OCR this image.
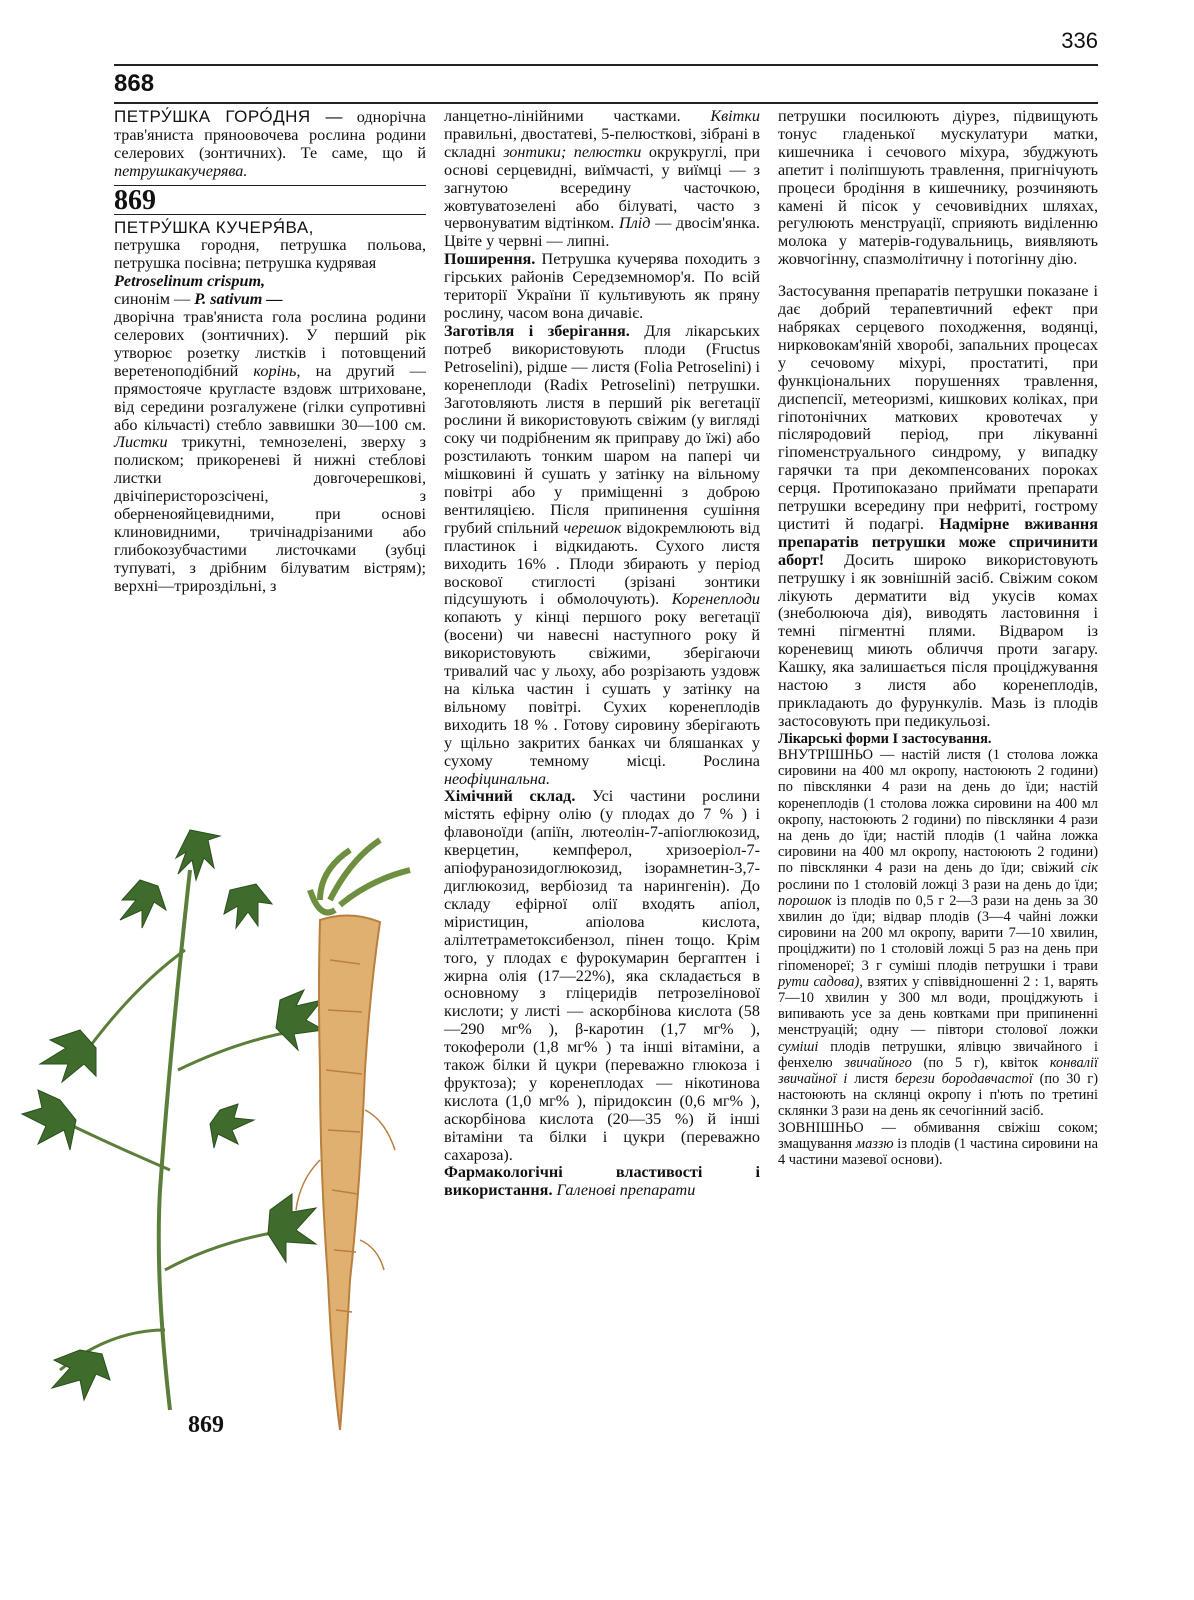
336
868

ПЕТРУ́ШКА ГОРО́ДНЯ — однорічна трав'яниста пряноовочева рослина родини селерових (зонтичних). Те саме, що й петрушкакучерява.

869

ПЕТРУ́ШКА КУЧЕРЯ́ВА,
петрушка городня, петрушка польова, петрушка посівна; петрушка кудрявая
Petroselinum crispum,
синонім — P. sativum —
дворічна трав'яниста гола рослина родини селерових (зонтичних). У перший рік утворює розетку листків і потовщений веретеноподібний корінь, на другий — прямостояче кругласте вздовж штриховане, від середини розгалужене (гілки супротивні або кільчасті) стебло заввишки 30—100 см. Листки трикутні, темнозелені, зверху з полиском; прикореневі й нижні стеблові листки довгочерешкові, двічіперисторозсічені, з оберненояйцевидними, при основі клиновидними, тричінадрізаними або глибокозубчастими листочками (зубці тупуваті, з дрібним білуватим вістрям); верхні—трироздільні, з

869

ланцетно-лінійними частками. Квітки правильні, двостатеві, 5-пелюсткові, зібрані в складні зонтики; пелюстки окрукруглі, при основі серцевидні, виїмчасті, у виїмці — з загнутою всередину часточкою, жовтуватозелені або білуваті, часто з червонуватим відтінком. Плід — двосім'янка. Цвіте у червні — липні.

Поширення. Петрушка кучерява походить з гірських районів Середземномор'я. По всій території України її культивують як пряну рослину, часом вона дичавіє.

Заготівля і зберігання. Для лікарських потреб використовують плоди (Fructus Petroselini), рідше — листя (Folia Petroselini) і коренеплоди (Radix Petroselini) петрушки. Заготовляють листя в перший рік вегетації рослини й використовують свіжим (у вигляді соку чи подрібненим як приправу до їжі) або розстилають тонким шаром на папері чи мішковині й сушать у затінку на вільному повітрі або у приміщенні з доброю вентиляцією. Після припинення сушіння грубий спільний черешок відокремлюють від пластинок і відкидають. Сухого листя виходить 16% . Плоди збирають у період воскової стиглості (зрізані зонтики підсушують і обмолочують). Коренеплоди копають у кінці першого року вегетації (восени) чи навесні наступного року й використовують свіжими, зберігаючи тривалий час у льоху, або розрізають уздовж на кілька частин і сушать у затінку на вільному повітрі. Сухих коренеплодів виходить 18 % . Готову сировину зберігають у щільно закритих банках чи бляшанках у сухому темному місці. Рослина неофіцинальна.

Хімічний склад. Усі частини рослини містять ефірну олію (у плодах до 7 % ) і флавоноїди (апіїн, лютеолін-7-апіоглюкозид, кверцетин, кемпферол, хризоеріол-7-апіофуранозидоглюкозид, ізорамнетин-3,7-диглюкозид, вербіозид та нарингенін). До складу ефірної олії входять апіол, міристицин, апіолова кислота, алілтетраметоксибензол, пінен тощо. Крім того, у плодах є фурокумарин бергаптен і жирна олія (17—22%), яка складається в основному з гліцеридів петрозелінової кислоти; у листі — аскорбінова кислота (58—290 мг% ), β-каротин (1,7 мг% ), токофероли (1,8 мг% ) та інші вітаміни, а також білки й цукри (переважно глюкоза і фруктоза); у коренеплодах — нікотинова кислота (1,0 мг% ), піридоксин (0,6 мг% ), аскорбінова кислота (20—35 %) й інші вітаміни та білки і цукри (переважно сахароза).

Фармакологічні властивості і використання. Галенові препарати

петрушки посилюють діурез, підвищують тонус гладенької мускулатури матки, кишечника і сечового міхура, збуджують апетит і поліпшують травлення, пригнічують процеси бродіння в кишечнику, розчиняють камені й пісок у сечовивідних шляхах, регулюють менструації, сприяють виділенню молока у матерів-годувальниць, виявляють жовчогінну, спазмолітичну і потогінну дію.

Застосування препаратів петрушки показане і дає добрий терапевтичний ефект при набряках серцевого походження, водянці, нирковокам'яній хворобі, запальних процесах у сечовому міхурі, простатиті, при функціональних порушеннях травлення, диспепсії, метеоризмі, кишкових коліках, при гіпотонічних маткових кровотечах у післяродовий період, при лікуванні гіпоменструального синдрому, у випадку гарячки та при декомпенсованих пороках серця. Протипоказано приймати препарати петрушки всередину при нефриті, гострому циститі й подагрі. Надмірне вживання препаратів петрушки може спричинити аборт! Досить широко використовують петрушку і як зовнішній засіб. Свіжим соком лікують дерматити від укусів комах (знеболююча дія), виводять ластовиння і темні пігментні плями. Відваром із кореневищ миють обличчя проти загару. Кашку, яка залишається після проціджування настою з листя або коренеплодів, прикладають до фурункулів. Мазь із плодів застосовують при педикульозі.

Лікарські форми І застосування.

ВНУТРІШНЬО — настій листя (1 столова ложка сировини на 400 мл окропу, настоюють 2 години) по півсклянки 4 рази на день до їди; настій коренеплодів (1 столова ложка сировини на 400 мл окропу, настоюють 2 години) по півсклянки 4 рази на день до їди; настій плодів (1 чайна ложка сировини на 400 мл окропу, настоюють 2 години) по півсклянки 4 рази на день до їди; свіжий сік рослини по 1 столовій ложці 3 рази на день до їди; порошок із плодів по 0,5 г 2—3 рази на день за 30 хвилин до їди; відвар плодів (3—4 чайні ложки сировини на 200 мл окропу, варити 7—10 хвилин, проціджити) по 1 столовій ложці 5 раз на день при гіпоменореї; 3 г суміші плодів петрушки і трави рути садова), взятих у співвідношенні 2 : 1, варять 7—10 хвилин у 300 мл води, проціджують і випивають усе за день ковтками при припиненні менструацій; одну — півтори столової ложки суміші плодів петрушки, ялівцю звичайного і фенхелю звичайного (по 5 г), квіток конвалії звичайної і листя берези бородавчастої (по 30 г) настоюють на склянці окропу і п'ють по третині склянки 3 рази на день як сечогінний засіб.

ЗОВНІШНЬО — обмивання свіжіш соком; змащування маззю із плодів (1 частина сировини на 4 частини мазевої основи).
